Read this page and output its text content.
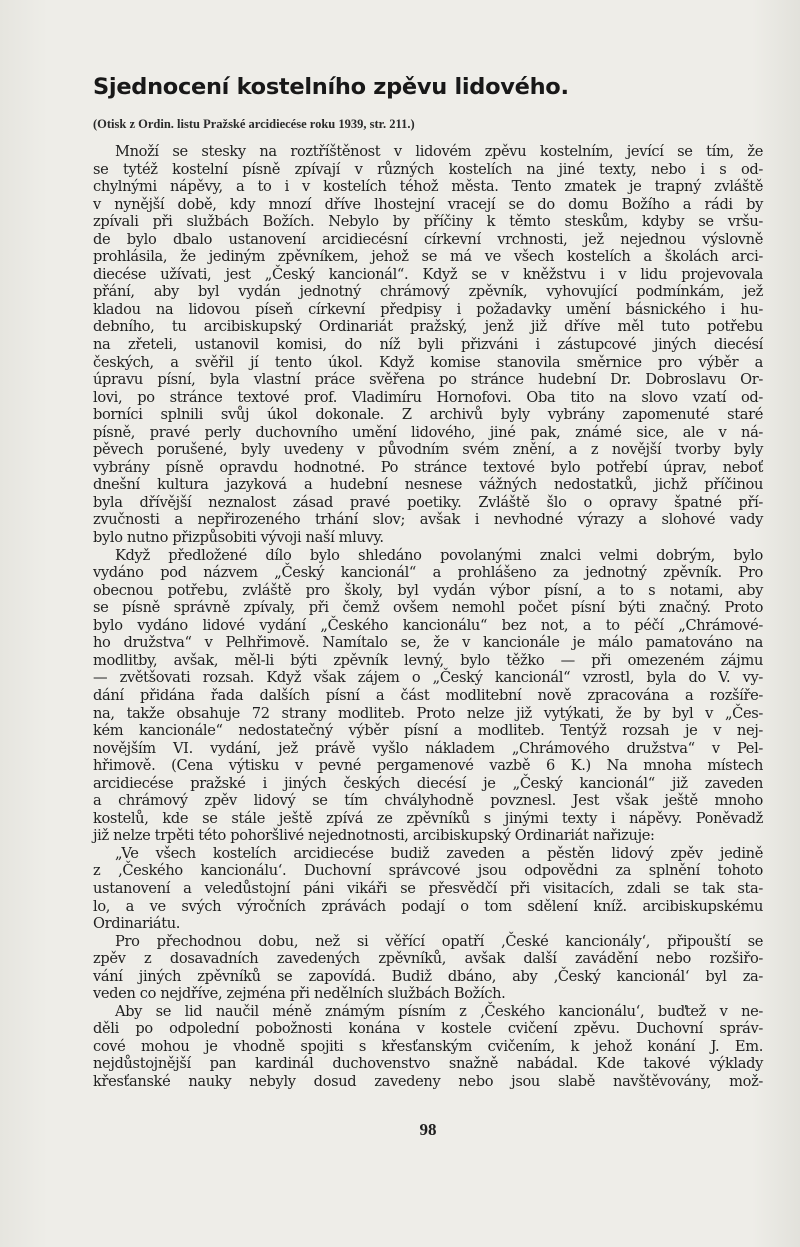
Sjednocení kostelního zpěvu lidového.
(Otisk z Ordin. listu Pražské arcidiecése roku 1939, str. 211.)
Množí se stesky na roztříštěnost v lidovém zpěvu kostelním, jevící se tím, že
se tytéž kostelní písně zpívají v různých kostelích na jiné texty, nebo i s od-
chylnými nápěvy, a to i v kostelích téhož města. Tento zmatek je trapný zvláště
v nynější době, kdy mnozí dříve lhostejní vracejí se do domu Božího a rádi by
zpívali při službách Božích. Nebylo by příčiny k těmto steskům, kdyby se vršu-
de bylo dbalo ustanovení arcidiecésní církevní vrchnosti, jež nejednou výslovně
prohlásila, že jediným zpěvníkem, jehož se má ve všech kostelích a školách arci-
diecése užívati, jest „Český kancionál“. Když se v kněžstvu i v lidu projevovala
přání, aby byl vydán jednotný chrámový zpěvník, vyhovující podmínkám, jež
kladou na lidovou píseň církevní předpisy i požadavky umění básnického i hu-
debního, tu arcibiskupský Ordinariát pražský, jenž již dříve měl tuto potřebu
na zřeteli, ustanovil komisi, do níž byli přizváni i zástupcové jiných diecésí
českých, a svěřil jí tento úkol. Když komise stanovila směrnice pro výběr a
úpravu písní, byla vlastní práce svěřena po stránce hudební Dr. Dobroslavu Or-
lovi, po stránce textové prof. Vladimíru Hornofovi. Oba tito na slovo vzatí od-
borníci splnili svůj úkol dokonale. Z archivů byly vybrány zapomenuté staré
písně, pravé perly duchovního umění lidového, jiné pak, známé sice, ale v ná-
pěvech porušené, byly uvedeny v původním svém znění, a z novější tvorby byly
vybrány písně opravdu hodnotné. Po stránce textové bylo potřebí úprav, neboť
dnešní kultura jazyková a hudební nesnese vážných nedostatků, jichž příčinou
byla dřívější neznalost zásad pravé poetiky. Zvláště šlo o opravy špatné pří-
zvučnosti a nepřirozeného trhání slov; avšak i nevhodné výrazy a slohové vady
bylo nutno přizpůsobiti vývoji naší mluvy.
Když předložené dílo bylo shledáno povolanými znalci velmi dobrým, bylo
vydáno pod názvem „Český kancionál“ a prohlášeno za jednotný zpěvník. Pro
obecnou potřebu, zvláště pro školy, byl vydán výbor písní, a to s notami, aby
se písně správně zpívaly, při čemž ovšem nemohl počet písní býti značný. Proto
bylo vydáno lidové vydání „Českého kancionálu“ bez not, a to péčí „Chrámové-
ho družstva“ v Pelhřimově. Namítalo se, že v kancionále je málo pamatováno na
modlitby, avšak, měl-li býti zpěvník levný, bylo těžko — při omezeném zájmu
— zvětšovati rozsah. Když však zájem o „Český kancionál“ vzrostl, byla do V. vy-
dání přidána řada dalších písní a část modlitební nově zpracována a rozšíře-
na, takže obsahuje 72 strany modliteb. Proto nelze již vytýkati, že by byl v „Čes-
kém kancionále“ nedostatečný výběr písní a modliteb. Tentýž rozsah je v nej-
novějším VI. vydání, jež právě vyšlo nákladem „Chrámového družstva“ v Pel-
hřimově. (Cena výtisku v pevné pergamenové vazbě 6 K.) Na mnoha místech
arcidiecése pražské i jiných českých diecésí je „Český kancionál“ již zaveden
a chrámový zpěv lidový se tím chvályhodně povznesl. Jest však ještě mnoho
kostelů, kde se stále ještě zpívá ze zpěvníků s jinými texty i nápěvy. Poněvadž
již nelze trpěti této pohoršlivé nejednotnosti, arcibiskupský Ordinariát nařizuje:
„Ve všech kostelích arcidiecése budiž zaveden a pěstěn lidový zpěv jedině
z ‚Českého kancionálu‘. Duchovní správcové jsou odpovědni za splnění tohoto
ustanovení a veledůstojní páni vikáři se přesvědčí při visitacích, zdali se tak sta-
lo, a ve svých výročních zprávách podají o tom sdělení kníž. arcibiskupskému
Ordinariátu.
Pro přechodnou dobu, než si věřící opatří ‚České kancionály‘, připouští se
zpěv z dosavadních zavedených zpěvníků, avšak další zavádění nebo rozšiřo-
vání jiných zpěvníků se zapovídá. Budiž dbáno, aby ‚Český kancionál‘ byl za-
veden co nejdříve, zejména při nedělních službách Božích.
Aby se lid naučil méně známým písním z ‚Českého kancionálu‘, buďtež v ne-
děli po odpolední pobožnosti konána v kostele cvičení zpěvu. Duchovní správ-
cové mohou je vhodně spojiti s křesťanským cvičením, k jehož konání J. Em.
nejdůstojnější pan kardinál duchovenstvo snažně nabádal. Kde takové výklady
křesťanské nauky nebyly dosud zavedeny nebo jsou slabě navštěvovány, mož-
98
